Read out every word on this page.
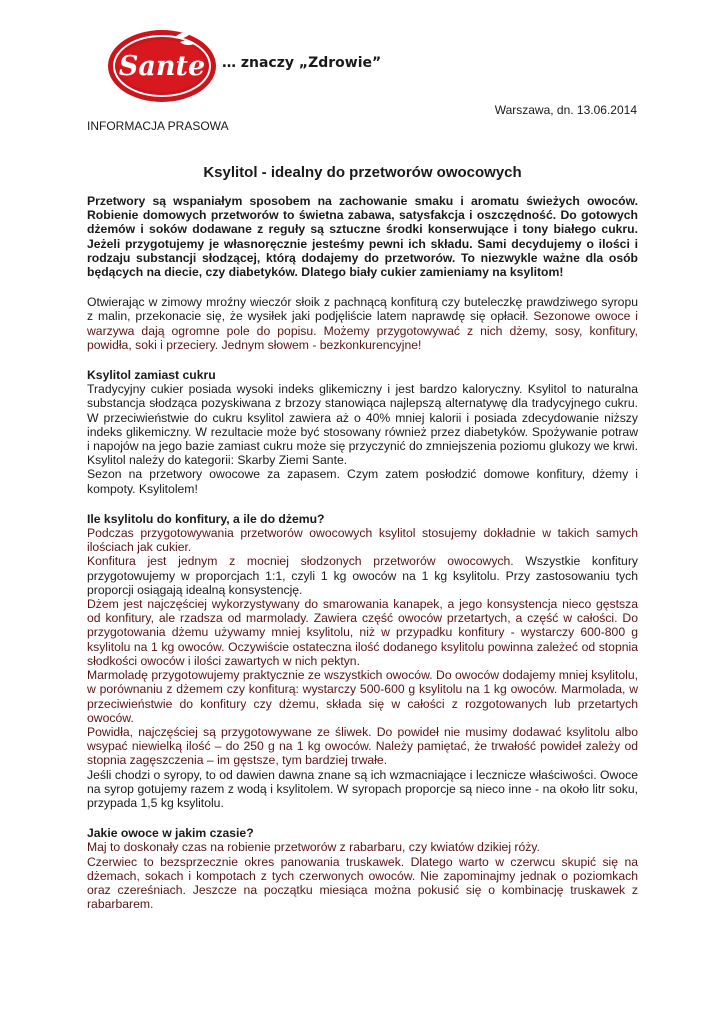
Sante … znaczy „Zdrowie”
Warszawa, dn. 13.06.2014
INFORMACJA PRASOWA
Ksylitol - idealny do przetworów owocowych

Przetwory są wspaniałym sposobem na zachowanie smaku i aromatu świeżych owoców. Robienie domowych przetworów to świetna zabawa, satysfakcja i oszczędność. Do gotowych dżemów i soków dodawane z reguły są sztuczne środki konserwujące i tony białego cukru. Jeżeli przygotujemy je własnoręcznie jesteśmy pewni ich składu. Sami decydujemy o ilości i rodzaju substancji słodzącej, którą dodajemy do przetworów. To niezwykle ważne dla osób będących na diecie, czy diabetyków. Dlatego biały cukier zamieniamy na ksylitom!

Otwierając w zimowy mroźny wieczór słoik z pachnącą konfiturą czy buteleczkę prawdziwego syropu z malin, przekonacie się, że wysiłek jaki podjęliście latem naprawdę się opłacił. Sezonowe owoce i warzywa dają ogromne pole do popisu. Możemy przygotowywać z nich dżemy, sosy, konfitury, powidła, soki i przeciery. Jednym słowem - bezkonkurencyjne!

Ksylitol zamiast cukru

Tradycyjny cukier posiada wysoki indeks glikemiczny i jest bardzo kaloryczny. Ksylitol to naturalna substancja słodząca pozyskiwana z brzozy stanowiąca najlepszą alternatywę dla tradycyjnego cukru. W przeciwieństwie do cukru ksylitol zawiera aż o 40% mniej kalorii i posiada zdecydowanie niższy indeks glikemiczny. W rezultacie może być stosowany również przez diabetyków. Spożywanie potraw i napojów na jego bazie zamiast cukru może się przyczynić do zmniejszenia poziomu glukozy we krwi. Ksylitol należy do kategorii: Skarby Ziemi Sante.

Sezon na przetwory owocowe za zapasem. Czym zatem posłodzić domowe konfitury, dżemy i kompoty. Ksylitolem!

Ile ksylitolu do konfitury, a ile do dżemu?

Podczas przygotowywania przetworów owocowych ksylitol stosujemy dokładnie w takich samych ilościach jak cukier.

Konfitura jest jednym z mocniej słodzonych przetworów owocowych. Wszystkie konfitury przygotowujemy w proporcjach 1:1, czyli 1 kg owoców na 1 kg ksylitolu. Przy zastosowaniu tych proporcji osiągają idealną konsystencję.

Dżem jest najczęściej wykorzystywany do smarowania kanapek, a jego konsystencja nieco gęstsza od konfitury, ale rzadsza od marmolady. Zawiera część owoców przetartych, a część w całości. Do przygotowania dżemu używamy mniej ksylitolu, niż w przypadku konfitury - wystarczy 600-800 g ksylitolu na 1 kg owoców. Oczywiście ostateczna ilość dodanego ksylitolu powinna zależeć od stopnia słodkości owoców i ilości zawartych w nich pektyn.

Marmoladę przygotowujemy praktycznie ze wszystkich owoców. Do owoców dodajemy mniej ksylitolu, w porównaniu z dżemem czy konfiturą: wystarczy 500-600 g ksylitolu na 1 kg owoców. Marmolada, w przeciwieństwie do konfitury czy dżemu, składa się w całości z rozgotowanych lub przetartych owoców.

Powidła, najczęściej są przygotowywane ze śliwek. Do powideł nie musimy dodawać ksylitolu albo wsypać niewielką ilość – do 250 g na 1 kg owoców. Należy pamiętać, że trwałość powideł zależy od stopnia zagęszczenia – im gęstsze, tym bardziej trwałe.

Jeśli chodzi o syropy, to od dawien dawna znane są ich wzmacniające i lecznicze właściwości. Owoce na syrop gotujemy razem z wodą i ksylitolem. W syropach proporcje są nieco inne - na około litr soku, przypada 1,5 kg ksylitolu.

Jakie owoce w jakim czasie?

Maj to doskonały czas na robienie przetworów z rabarbaru, czy kwiatów dzikiej róży.

Czerwiec to bezsprzecznie okres panowania truskawek. Dlatego warto w czerwcu skupić się na dżemach, sokach i kompotach z tych czerwonych owoców. Nie zapominajmy jednak o poziomkach oraz czereśniach. Jeszcze na początku miesiąca można pokusić się o kombinację truskawek z rabarbarem.
